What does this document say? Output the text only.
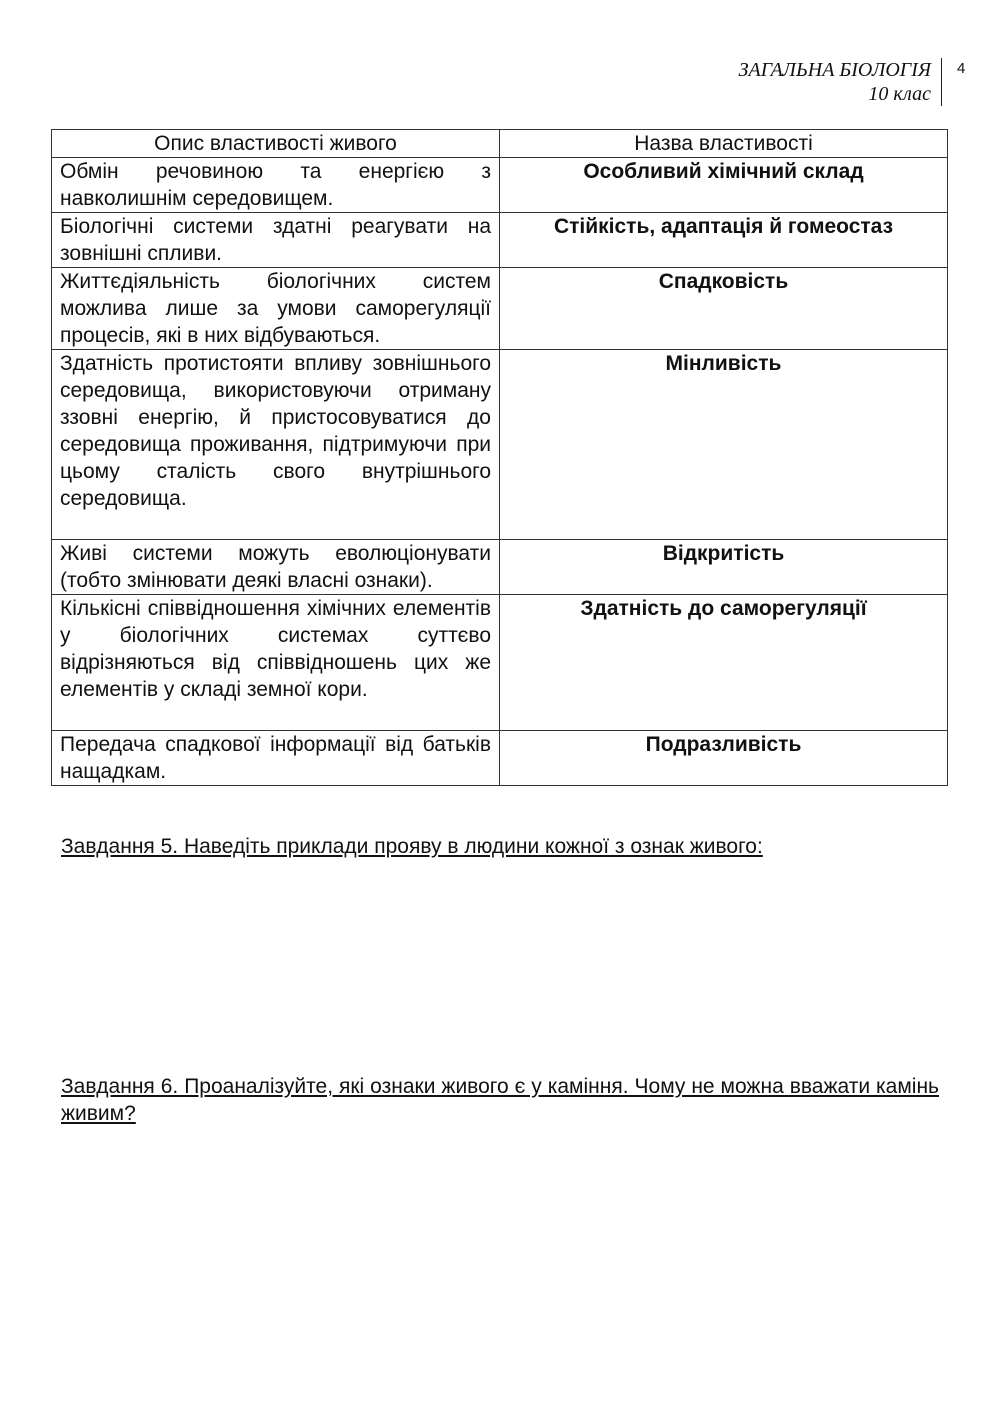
ЗАГАЛЬНА БІОЛОГІЯ
10 клас
4
Опис властивості живого	Назва властивості
Обмін речовиною та енергією з навколишнім середовищем.	Особливий хімічний склад
Біологічні системи здатні реагувати на зовнішні спливи.	Стійкість, адаптація й гомеостаз
Життєдіяльність біологічних систем можлива лише за умови саморегуляції процесів, які в них відбуваються.	Спадковість
Здатність протистояти впливу зовнішнього середовища, використовуючи отриману ззовні енергію, й пристосовуватися до середовища проживання, підтримуючи при цьому сталість свого внутрішнього середовища.	Мінливість
Живі системи можуть еволюціонувати (тобто змінювати деякі власні ознаки).	Відкритість
Кількісні співвідношення хімічних елементів у біологічних системах суттєво відрізняються від співвідношень цих же елементів у складі земної кори.	Здатність до саморегуляції
Передача спадкової інформації від батьків нащадкам.	Подразливість
Завдання 5. Наведіть приклади прояву в людини кожної з ознак живого:
Завдання 6. Проаналізуйте, які ознаки живого є у каміння. Чому не можна вважати камінь живим?
